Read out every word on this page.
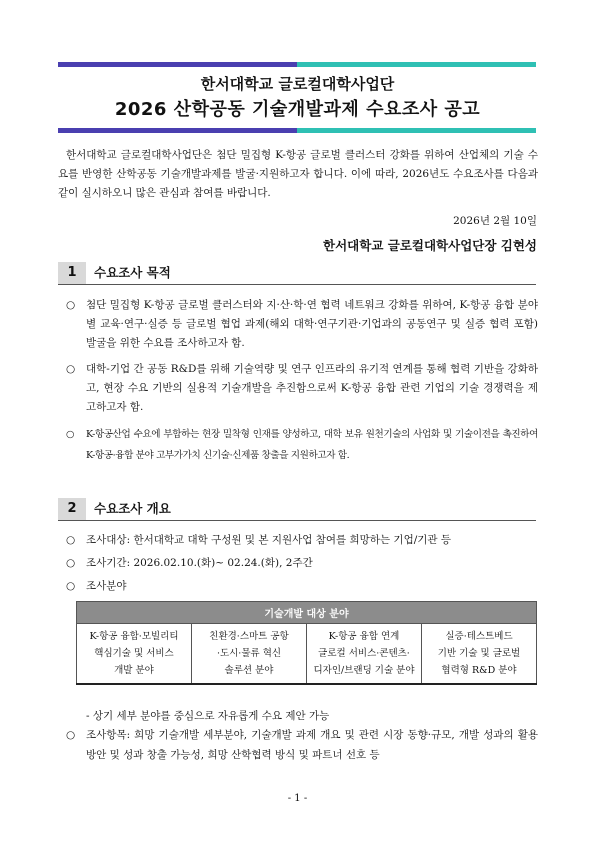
한서대학교 글로컬대학사업단
2026 산학공동 기술개발과제 수요조사 공고

한서대학교 글로컬대학사업단은 첨단 밀집형 K-항공 글로벌 클러스터 강화를 위하여 산업체의 기술 수요를 반영한 산학공동 기술개발과제를 발굴·지원하고자 합니다. 이에 따라, 2026년도 수요조사를 다음과 같이 실시하오니 많은 관심과 참여를 바랍니다.

2026년 2월 10일
한서대학교 글로컬대학사업단장 김현성
1	수요조사 목적
○ 첨단 밀집형 K-항공 글로벌 클러스터와 지·산·학·연 협력 네트워크 강화를 위하여, K-항공 융합 분야별 교육·연구·실증 등 글로벌 협업 과제(해외 대학·연구기관·기업과의 공동연구 및 실증 협력 포함) 발굴을 위한 수요를 조사하고자 함.
○ 대학-기업 간 공동 R&D를 위해 기술역량 및 연구 인프라의 유기적 연계를 통해 협력 기반을 강화하고, 현장 수요 기반의 실용적 기술개발을 추진함으로써 K-항공 융합 관련 기업의 기술 경쟁력을 제고하고자 함.
○ K-항공산업 수요에 부합하는 현장 밀착형 인재를 양성하고, 대학 보유 원천기술의 사업화 및 기술이전을 촉진하여 K-항공·융합 분야 고부가가치 신기술·신제품 창출을 지원하고자 함.
2	수요조사 개요
○ 조사대상: 한서대학교 대학 구성원 및 본 지원사업 참여를 희망하는 기업/기관 등
○ 조사기간: 2026.02.10.(화)~ 02.24.(화), 2주간
○ 조사분야
기술개발 대상 분야

K-항공 융합·모빌리티
핵심기술 및 서비스
개발 분야

친환경·스마트 공항
·도시·물류 혁신
솔루션 분야

K-항공 융합 연계
글로컬 서비스·콘텐츠·
디자인/브랜딩 기술 분야

실증·테스트베드
기반 기술 및 글로벌
협력형 R&D 분야
- 상기 세부 분야를 중심으로 자유롭게 수요 제안 가능
○ 조사항목: 희망 기술개발 세부분야, 기술개발 과제 개요 및 관련 시장 동향·규모, 개발 성과의 활용 방안 및 성과 창출 가능성, 희망 산학협력 방식 및 파트너 선호 등
- 1 -
